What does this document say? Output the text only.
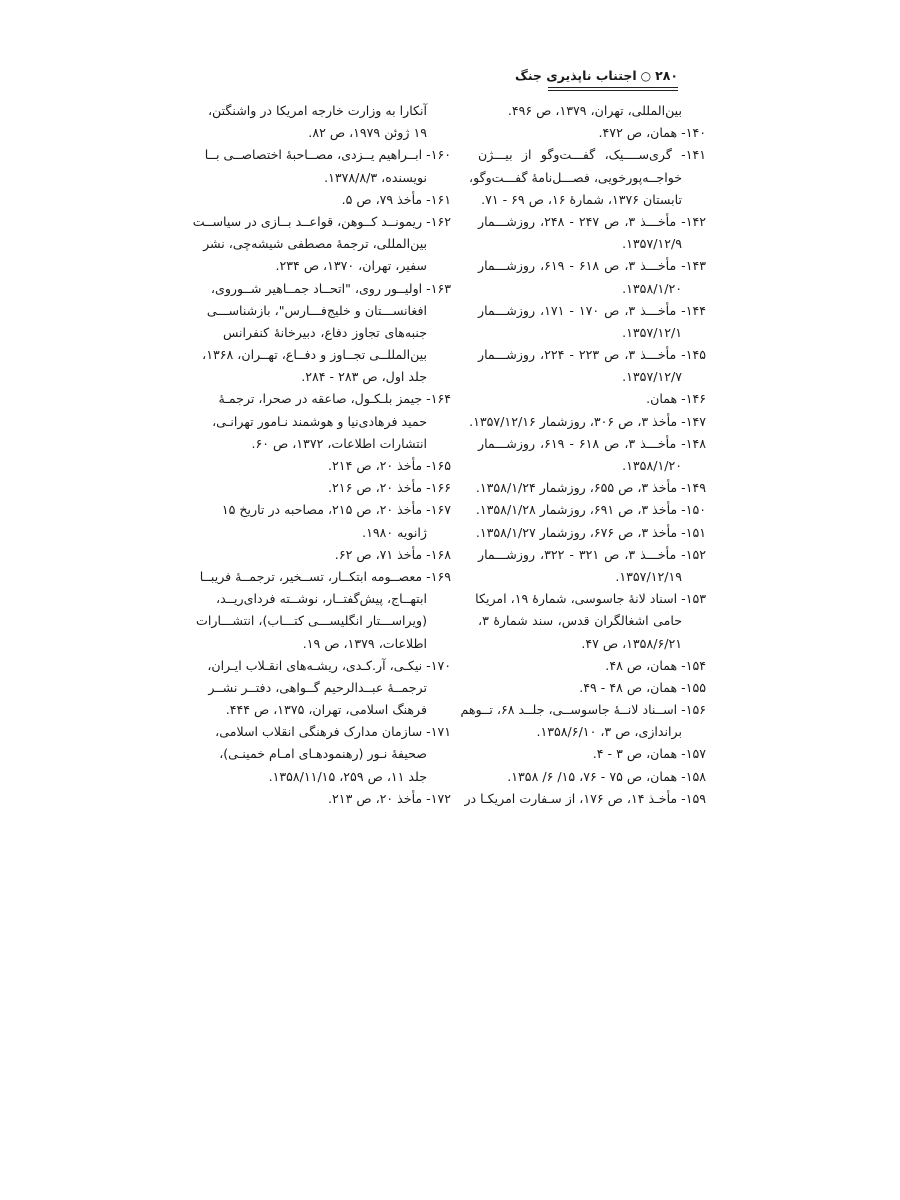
۲۸۰
○
اجتناب ناپذیری جنگ
بین‌المللی، تهران، ۱۳۷۹، ص ۴۹۶.
۱۴۰- همان، ص ۴۷۲.
۱۴۱- گری‌ســــیک، گفـــت‌وگو از بیـــژن
خواجــه‌پورخویی، فصـــل‌نامهٔ گفـــت‌وگو،
تابستان ۱۳۷۶، شمارهٔ ۱۶، ص ۶۹ - ۷۱.
۱۴۲- مأخـــذ ۳، ص ۲۴۷ - ۲۴۸، روزشـــمار
۱۳۵۷/۱۲/۹.
۱۴۳- مأخـــذ ۳، ص ۶۱۸ - ۶۱۹، روزشـــمار
۱۳۵۸/۱/۲۰.
۱۴۴- مأخـــذ ۳، ص ۱۷۰ - ۱۷۱، روزشـــمار
۱۳۵۷/۱۲/۱.
۱۴۵- مأخـــذ ۳، ص ۲۲۳ - ۲۲۴، روزشـــمار
۱۳۵۷/۱۲/۷.
۱۴۶- همان.
۱۴۷- مأخذ ۳، ص ۳۰۶، روزشمار ۱۳۵۷/۱۲/۱۶.
۱۴۸- مأخـــذ ۳، ص ۶۱۸ - ۶۱۹، روزشـــمار
۱۳۵۸/۱/۲۰.
۱۴۹- مأخذ ۳، ص ۶۵۵، روزشمار ۱۳۵۸/۱/۲۴.
۱۵۰- مأخذ ۳، ص ۶۹۱، روزشمار ۱۳۵۸/۱/۲۸.
۱۵۱- مأخذ ۳، ص ۶۷۶، روزشمار ۱۳۵۸/۱/۲۷.
۱۵۲- مأخـــذ ۳، ص ۳۲۱ - ۳۲۲، روزشـــمار
۱۳۵۷/۱۲/۱۹.
۱۵۳- اسناد لانهٔ جاسوسی، شمارهٔ ۱۹، امریکا
حامی اشغالگران قدس، سند شمارهٔ ۳،
۱۳۵۸/۶/۲۱، ص ۴۷.
۱۵۴- همان، ص ۴۸.
۱۵۵- همان، ص ۴۸ - ۴۹.
۱۵۶- اســناد لانــهٔ جاسوســی، جلــد ۶۸، تــوهم
براندازی، ص ۳، ۱۳۵۸/۶/۱۰.
۱۵۷- همان، ص ۳ - ۴.
۱۵۸- همان، ص ۷۵ - ۷۶، ۱۵/ ۶/ ۱۳۵۸.
۱۵۹- مأخـذ ۱۴، ص ۱۷۶، از سـفارت امریکـا در
آنکارا به وزارت خارجه امریکا در واشنگتن،
۱۹ ژوئن ۱۹۷۹، ص ۸۲.
۱۶۰- ابــراهیم یــزدی، مصــاحبهٔ اختصاصــی بــا
نویسنده، ۱۳۷۸/۸/۳.
۱۶۱- مأخذ ۷۹، ص ۵.
۱۶۲- ریمونــد کــوهن، قواعــد بــازی در سیاســت
بین‌المللی، ترجمهٔ مصطفی شیشه‌چی، نشر
سفیر، تهران، ۱۳۷۰، ص ۲۳۴.
۱۶۳- اولیــور روی، "اتحــاد جمــاهیر شــوروی،
افغانســـتان و خلیج‌فـــارس"، بازشناســـی
جنبه‌های تجاوز دفاع، دبیرخانهٔ کنفرانس
بین‌المللــی تجــاوز و دفــاع، تهــران، ۱۳۶۸،
جلد اول، ص ۲۸۳ - ۲۸۴.
۱۶۴- جیمز بلـکـول، صاعقه در صحرا، ترجمـهٔ
حمید فرهادی‌نیا و هوشمند نـامور تهرانـی،
انتشارات اطلاعات، ۱۳۷۲، ص ۶۰.
۱۶۵- مأخذ ۲۰، ص ۲۱۴.
۱۶۶- مأخذ ۲۰، ص ۲۱۶.
۱۶۷- مأخذ ۲۰، ص ۲۱۵، مصاحبه در تاریخ ۱۵
ژانویه ۱۹۸۰.
۱۶۸- مأخذ ۷۱، ص ۶۲.
۱۶۹- معصــومه ابتکــار، تســخیر، ترجمــهٔ فریبــا
ابتهــاج، پیش‌گفتــار، نوشــته فردای‌ریــد،
(ویراســـتار انگلیســـی کتـــاب)، انتشـــارات
اطلاعات، ۱۳۷۹، ص ۱۹.
۱۷۰- نیکـی، آر.کـدی، ریشـه‌های انقـلاب ایـران،
ترجمــهٔ عبــدالرحیم گــواهی، دفتــر نشــر
فرهنگ اسلامی، تهران، ۱۳۷۵، ص ۴۴۴.
۱۷۱- سازمان مدارک فرهنگی انقلاب اسلامی،
صحیفهٔ نـور (رهنمودهـای امـام خمینـی)،
جلد ۱۱، ص ۲۵۹، ۱۳۵۸/۱۱/۱۵.
۱۷۲- مأخذ ۲۰، ص ۲۱۳.
